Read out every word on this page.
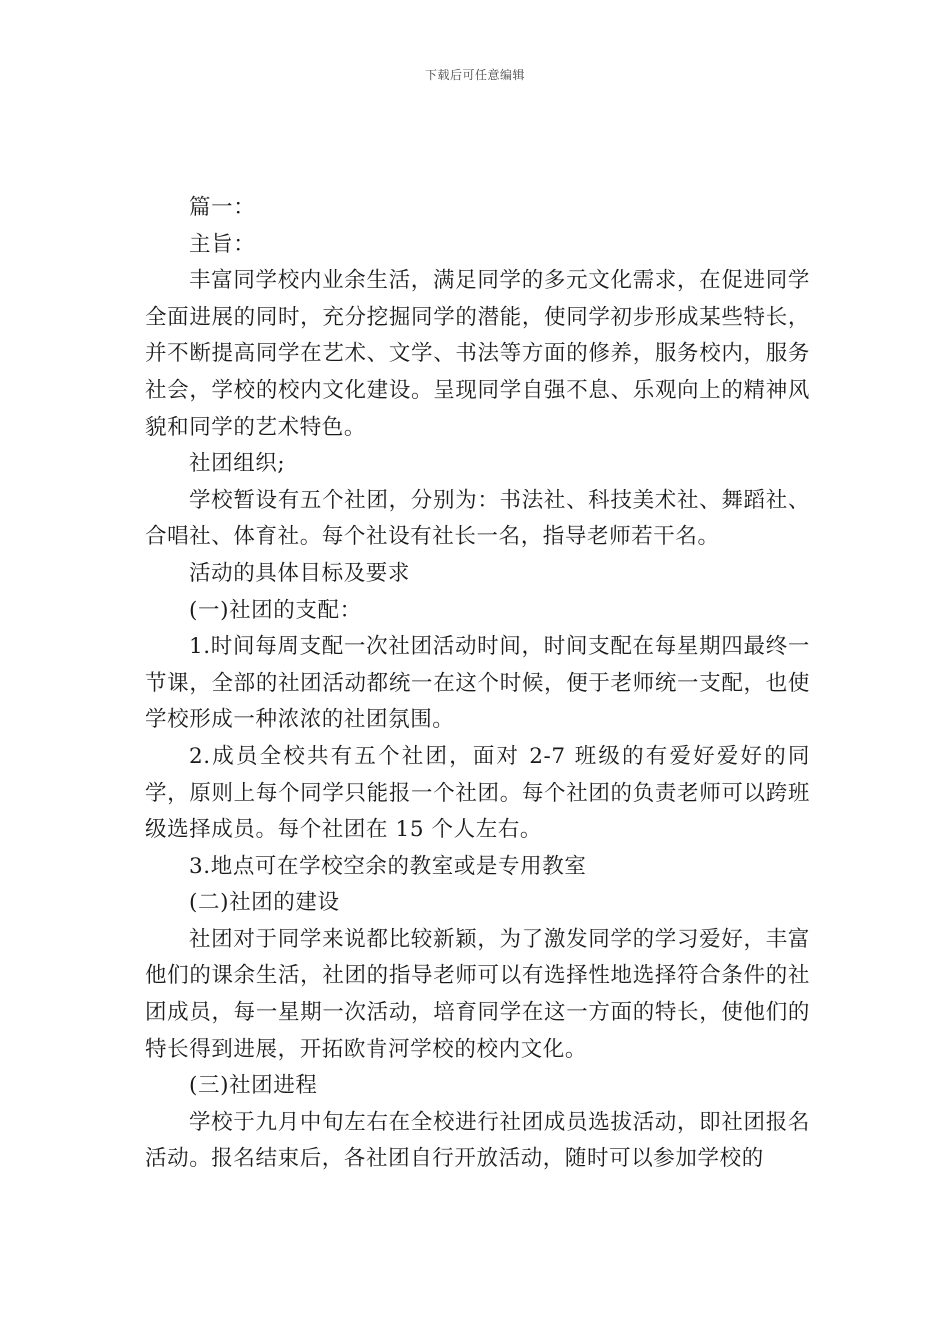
下载后可任意编辑

篇一：

主旨：

丰富同学校内业余生活，满足同学的多元文化需求，在促进同学全面进展的同时，充分挖掘同学的潜能，使同学初步形成某些特长，并不断提高同学在艺术、文学、书法等方面的修养，服务校内，服务社会，学校的校内文化建设。呈现同学自强不息、乐观向上的精神风貌和同学的艺术特色。

社团组织;

学校暂设有五个社团，分别为：书法社、科技美术社、舞蹈社、合唱社、体育社。每个社设有社长一名，指导老师若干名。

活动的具体目标及要求

(一)社团的支配：

1.时间每周支配一次社团活动时间，时间支配在每星期四最终一节课，全部的社团活动都统一在这个时候，便于老师统一支配，也使学校形成一种浓浓的社团氛围。

2.成员全校共有五个社团，面对 2-7 班级的有爱好爱好的同学，原则上每个同学只能报一个社团。每个社团的负责老师可以跨班级选择成员。每个社团在 15 个人左右。

3.地点可在学校空余的教室或是专用教室

(二)社团的建设

社团对于同学来说都比较新颖，为了激发同学的学习爱好，丰富他们的课余生活，社团的指导老师可以有选择性地选择符合条件的社团成员，每一星期一次活动，培育同学在这一方面的特长，使他们的特长得到进展，开拓欧肯河学校的校内文化。

(三)社团进程

学校于九月中旬左右在全校进行社团成员选拔活动，即社团报名活动。报名结束后，各社团自行开放活动，随时可以参加学校的
